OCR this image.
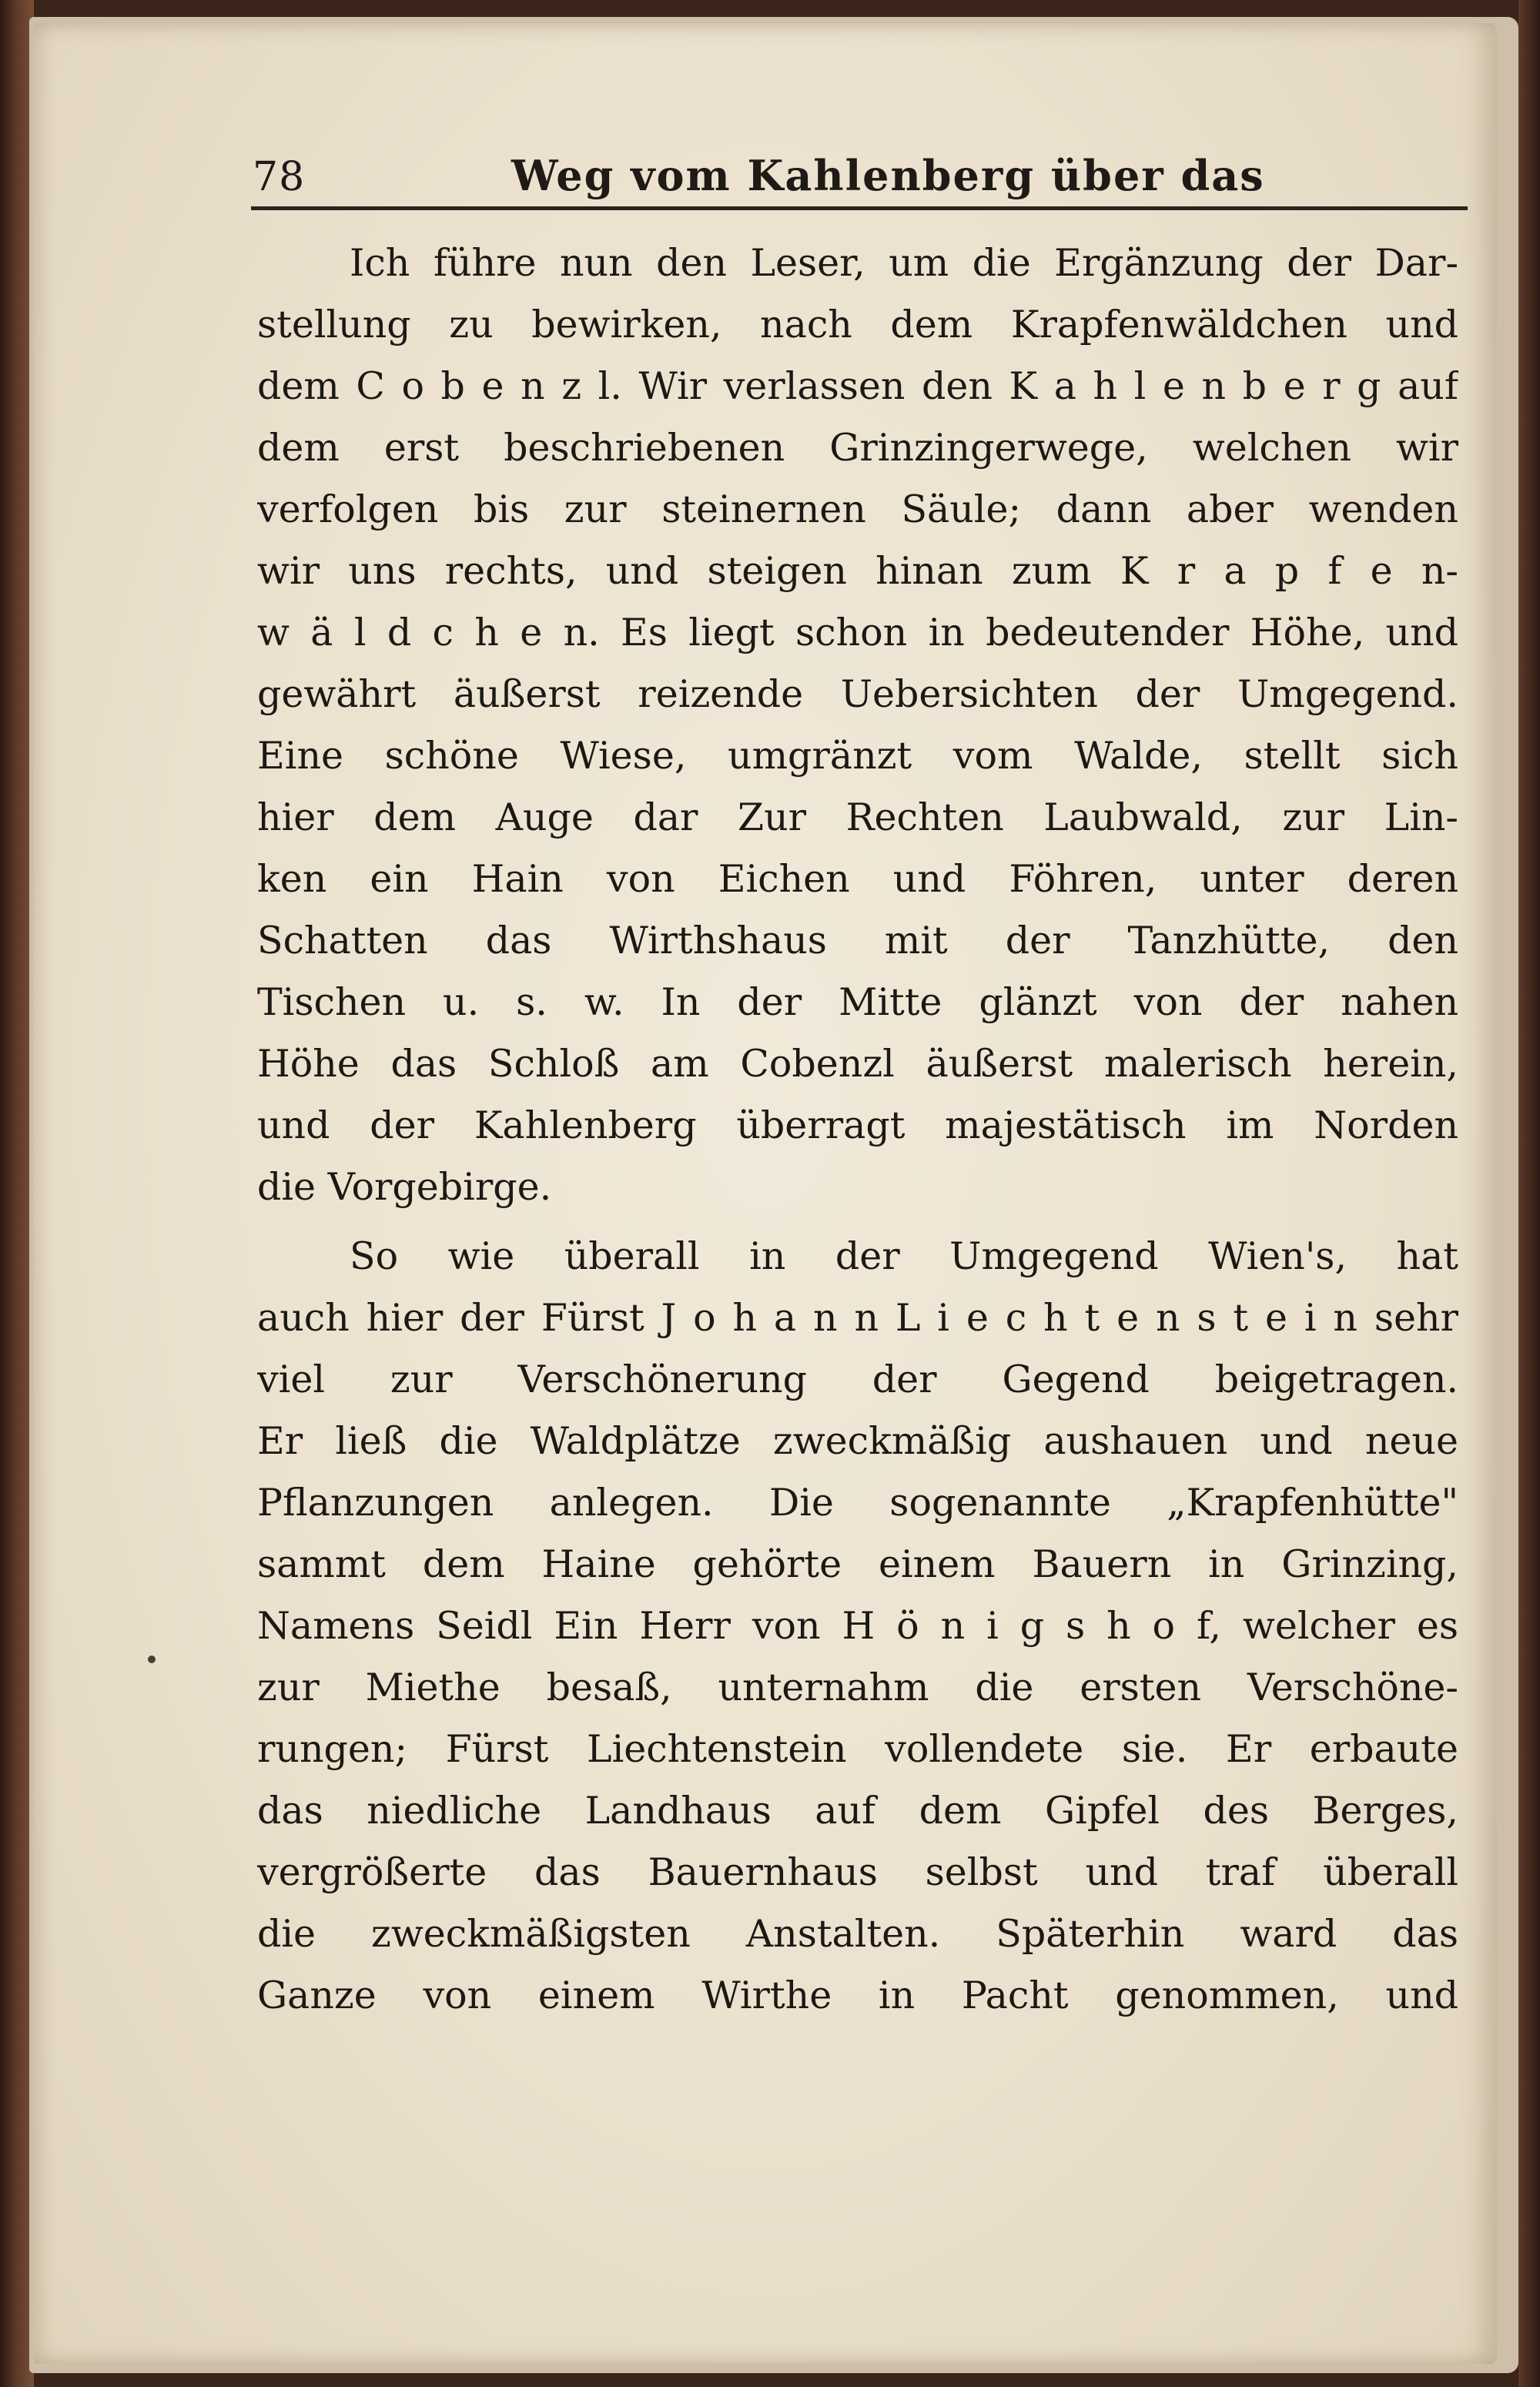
78	Weg vom Kahlenberg über das
Ich führe nun den Leser, um die Ergänzung der Dar-
stellung zu bewirken, nach dem Krapfenwäldchen und
dem C o b e n z l. Wir verlassen den K a h l e n b e r g auf
dem erst beschriebenen Grinzingerwege, welchen wir
verfolgen bis zur steinernen Säule; dann aber wenden
wir uns rechts, und steigen hinan zum K r a p f e n-
w ä l d c h e n. Es liegt schon in bedeutender Höhe, und
gewährt äußerst reizende Uebersichten der Umgegend.
Eine schöne Wiese, umgränzt vom Walde, stellt sich
hier dem Auge dar Zur Rechten Laubwald, zur Lin-
ken ein Hain von Eichen und Föhren, unter deren
Schatten das Wirthshaus mit der Tanzhütte, den
Tischen u. s. w. In der Mitte glänzt von der nahen
Höhe das Schloß am Cobenzl äußerst malerisch herein,
und der Kahlenberg überragt majestätisch im Norden
die Vorgebirge.
So wie überall in der Umgegend Wien's, hat
auch hier der Fürst J o h a n n L i e c h t e n s t e i n sehr
viel zur Verschönerung der Gegend beigetragen.
Er ließ die Waldplätze zweckmäßig aushauen und neue
Pflanzungen anlegen. Die sogenannte „Krapfenhütte"
sammt dem Haine gehörte einem Bauern in Grinzing,
Namens Seidl Ein Herr von H ö n i g s h o f, welcher es
zur Miethe besaß, unternahm die ersten Verschöne-
rungen; Fürst Liechtenstein vollendete sie. Er erbaute
das niedliche Landhaus auf dem Gipfel des Berges,
vergrößerte das Bauernhaus selbst und traf überall
die zweckmäßigsten Anstalten. Späterhin ward das
Ganze von einem Wirthe in Pacht genommen, und
